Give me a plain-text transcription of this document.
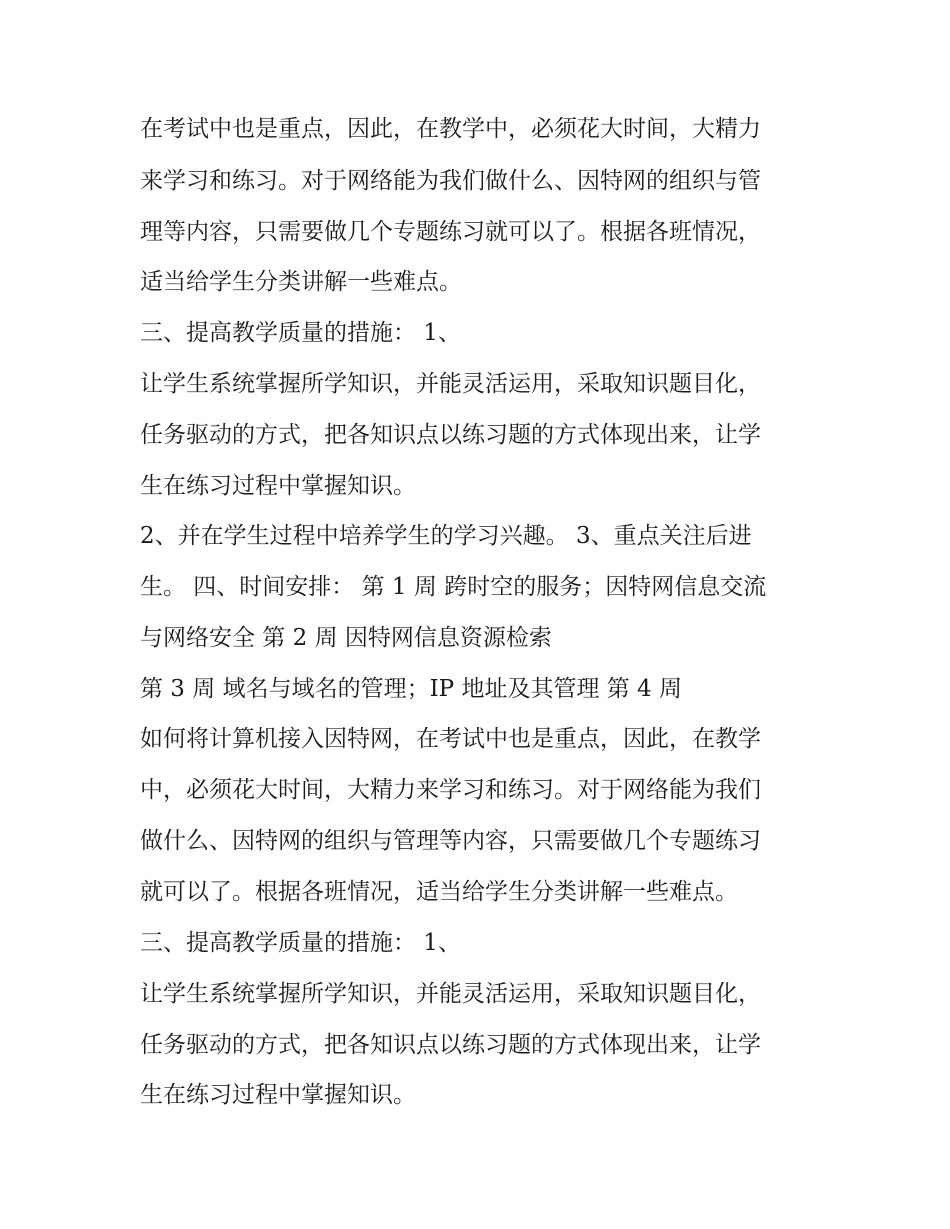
在考试中也是重点，因此，在教学中，必须花大时间，大精力
来学习和练习。对于网络能为我们做什么、因特网的组织与管
理等内容，只需要做几个专题练习就可以了。根据各班情况，
适当给学生分类讲解一些难点。
三、提高教学质量的措施： 1、
让学生系统掌握所学知识，并能灵活运用，采取知识题目化，
任务驱动的方式，把各知识点以练习题的方式体现出来，让学
生在练习过程中掌握知识。
2、并在学生过程中培养学生的学习兴趣。 3、重点关注后进
生。 四、时间安排： 第 1 周 跨时空的服务；因特网信息交流
与网络安全 第 2 周 因特网信息资源检索
第 3 周 域名与域名的管理；IP 地址及其管理 第 4 周
如何将计算机接入因特网，在考试中也是重点，因此，在教学
中，必须花大时间，大精力来学习和练习。对于网络能为我们
做什么、因特网的组织与管理等内容，只需要做几个专题练习
就可以了。根据各班情况，适当给学生分类讲解一些难点。
三、提高教学质量的措施： 1、
让学生系统掌握所学知识，并能灵活运用，采取知识题目化，
任务驱动的方式，把各知识点以练习题的方式体现出来，让学
生在练习过程中掌握知识。
